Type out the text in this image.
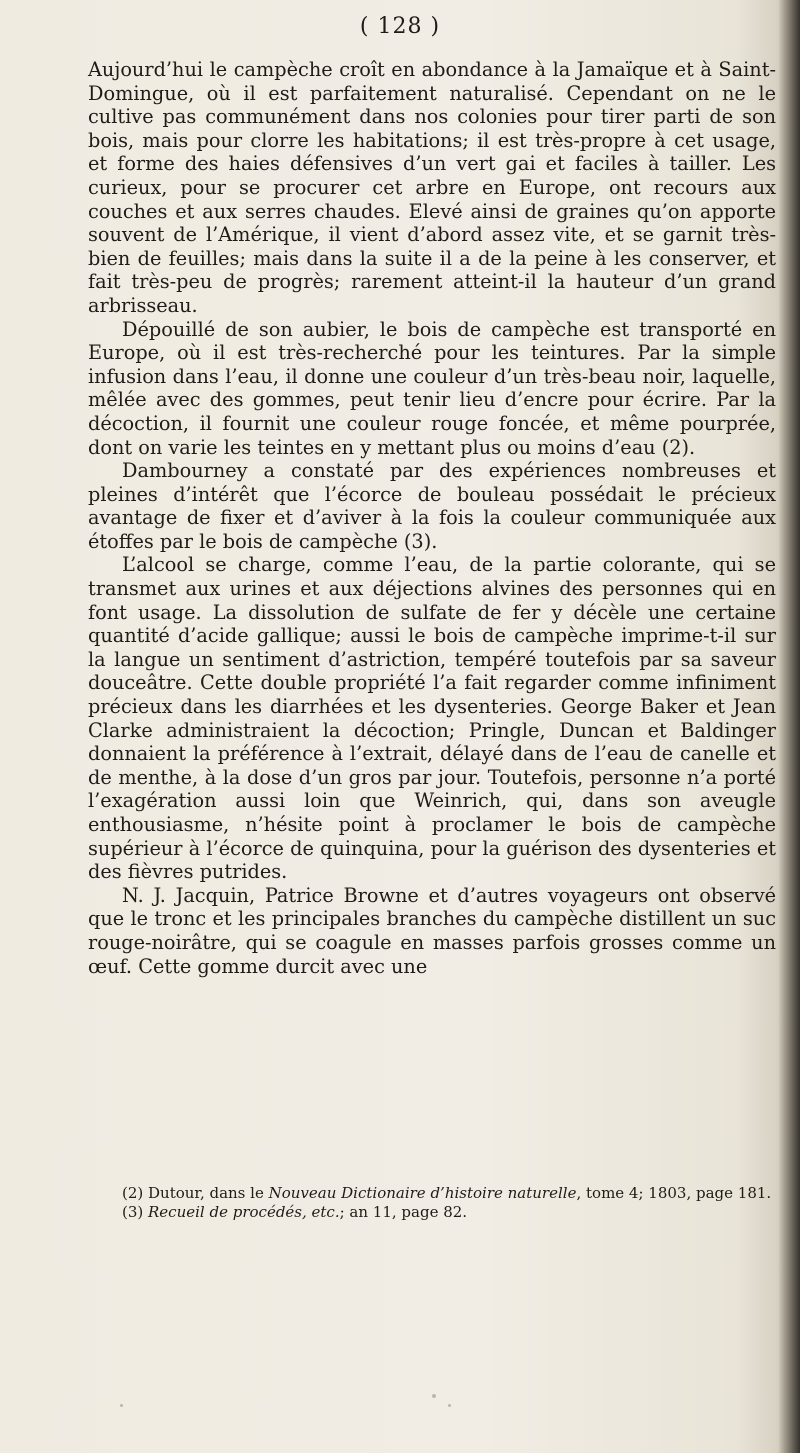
( 128 )

Aujourd’hui le campèche croît en abondance à la Jamaïque et à Saint-Domingue, où il est parfaitement naturalisé. Cependant on ne le cultive pas communément dans nos colonies pour tirer parti de son bois, mais pour clorre les habitations; il est très-propre à cet usage, et forme des haies défensives d’un vert gai et faciles à tailler. Les curieux, pour se procurer cet arbre en Europe, ont recours aux couches et aux serres chaudes. Elevé ainsi de graines qu’on apporte souvent de l’Amérique, il vient d’abord assez vite, et se garnit très-bien de feuilles; mais dans la suite il a de la peine à les conserver, et fait très-peu de progrès; rarement atteint-il la hauteur d’un grand arbrisseau.

Dépouillé de son aubier, le bois de campèche est transporté en Europe, où il est très-recherché pour les teintures. Par la simple infusion dans l’eau, il donne une couleur d’un très-beau noir, laquelle, mêlée avec des gommes, peut tenir lieu d’encre pour écrire. Par la décoction, il fournit une couleur rouge foncée, et même pourprée, dont on varie les teintes en y mettant plus ou moins d’eau (2).

Dambourney a constaté par des expériences nombreuses et pleines d’intérêt que l’écorce de bouleau possédait le précieux avantage de fixer et d’aviver à la fois la couleur communiquée aux étoffes par le bois de campèche (3).

L’alcool se charge, comme l’eau, de la partie colorante, qui se transmet aux urines et aux déjections alvines des personnes qui en font usage. La dissolution de sulfate de fer y décèle une certaine quantité d’acide gallique; aussi le bois de campèche imprime-t-il sur la langue un sentiment d’astriction, tempéré toutefois par sa saveur douceâtre. Cette double propriété l’a fait regarder comme infiniment précieux dans les diarrhées et les dysenteries. George Baker et Jean Clarke administraient la décoction; Pringle, Duncan et Baldinger donnaient la préférence à l’extrait, délayé dans de l’eau de canelle et de menthe, à la dose d’un gros par jour. Toutefois, personne n’a porté l’exagération aussi loin que Weinrich, qui, dans son aveugle enthousiasme, n’hésite point à proclamer le bois de campèche supérieur à l’écorce de quinquina, pour la guérison des dysenteries et des fièvres putrides.

N. J. Jacquin, Patrice Browne et d’autres voyageurs ont observé que le tronc et les principales branches du campèche distillent un suc rouge-noirâtre, qui se coagule en masses parfois grosses comme un œuf. Cette gomme durcit avec une

(2) Dutour, dans le Nouveau Dictionaire d’histoire naturelle, tome 4; 1803, page 181.

(3) Recueil de procédés, etc.; an 11, page 82.
